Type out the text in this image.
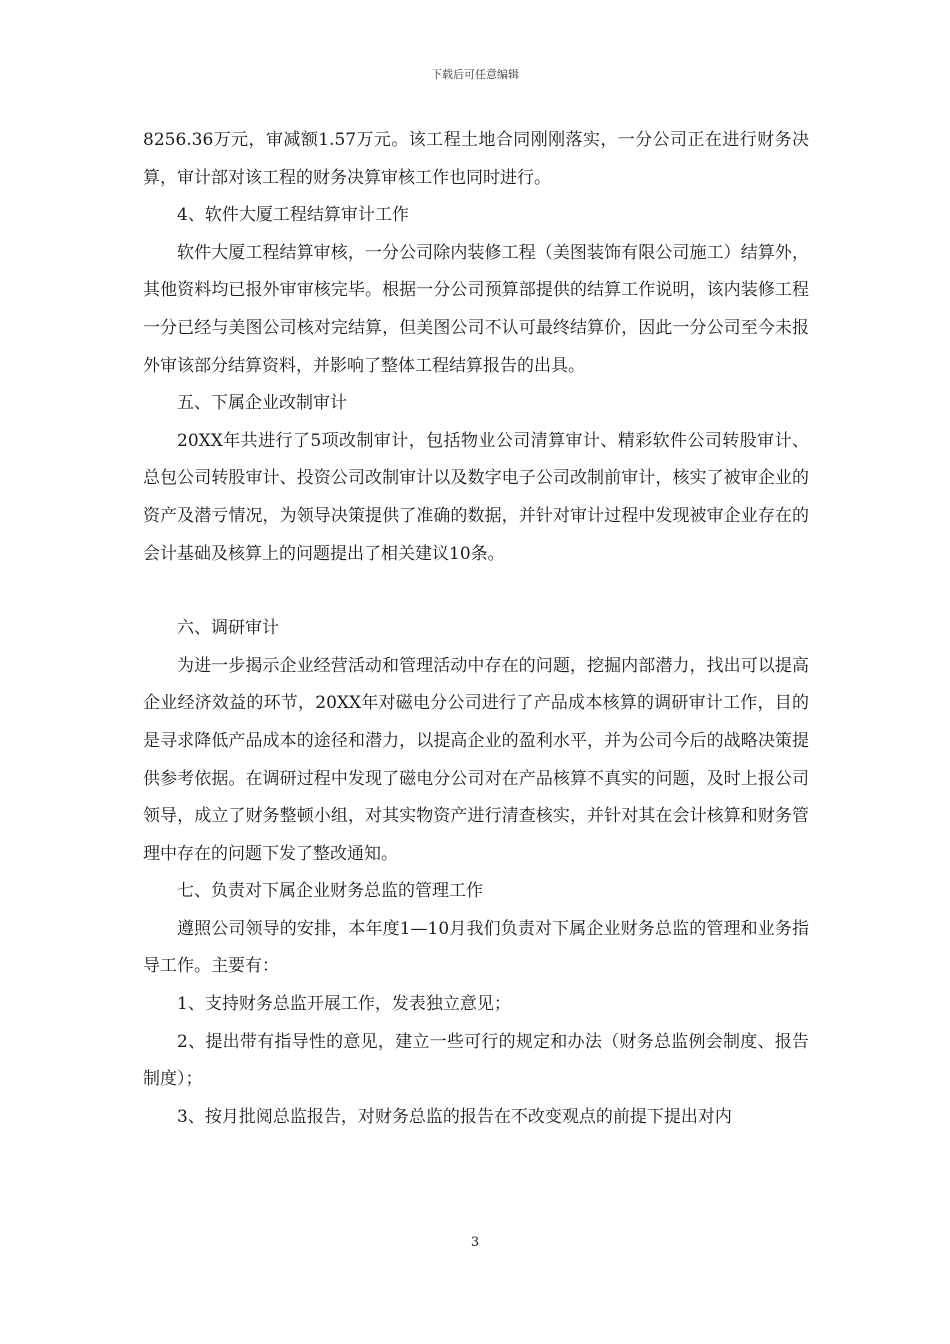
下载后可任意编辑

8256.36万元，审减额1.57万元。该工程土地合同刚刚落实，一分公司正在进行财务决算，审计部对该工程的财务决算审核工作也同时进行。

4、软件大厦工程结算审计工作

软件大厦工程结算审核，一分公司除内装修工程（美图装饰有限公司施工）结算外，其他资料均已报外审审核完毕。根据一分公司预算部提供的结算工作说明，该内装修工程一分已经与美图公司核对完结算，但美图公司不认可最终结算价，因此一分公司至今未报外审该部分结算资料，并影响了整体工程结算报告的出具。

五、下属企业改制审计

20XX年共进行了5项改制审计，包括物业公司清算审计、精彩软件公司转股审计、总包公司转股审计、投资公司改制审计以及数字电子公司改制前审计，核实了被审企业的资产及潜亏情况，为领导决策提供了准确的数据，并针对审计过程中发现被审企业存在的会计基础及核算上的问题提出了相关建议10条。

六、调研审计

为进一步揭示企业经营活动和管理活动中存在的问题，挖掘内部潜力，找出可以提高企业经济效益的环节，20XX年对磁电分公司进行了产品成本核算的调研审计工作，目的是寻求降低产品成本的途径和潜力，以提高企业的盈利水平，并为公司今后的战略决策提供参考依据。在调研过程中发现了磁电分公司对在产品核算不真实的问题，及时上报公司领导，成立了财务整顿小组，对其实物资产进行清查核实，并针对其在会计核算和财务管理中存在的问题下发了整改通知。

七、负责对下属企业财务总监的管理工作

遵照公司领导的安排，本年度1—10月我们负责对下属企业财务总监的管理和业务指导工作。主要有：

1、支持财务总监开展工作，发表独立意见；

2、提出带有指导性的意见，建立一些可行的规定和办法（财务总监例会制度、报告制度）；

3、按月批阅总监报告，对财务总监的报告在不改变观点的前提下提出对内

3
